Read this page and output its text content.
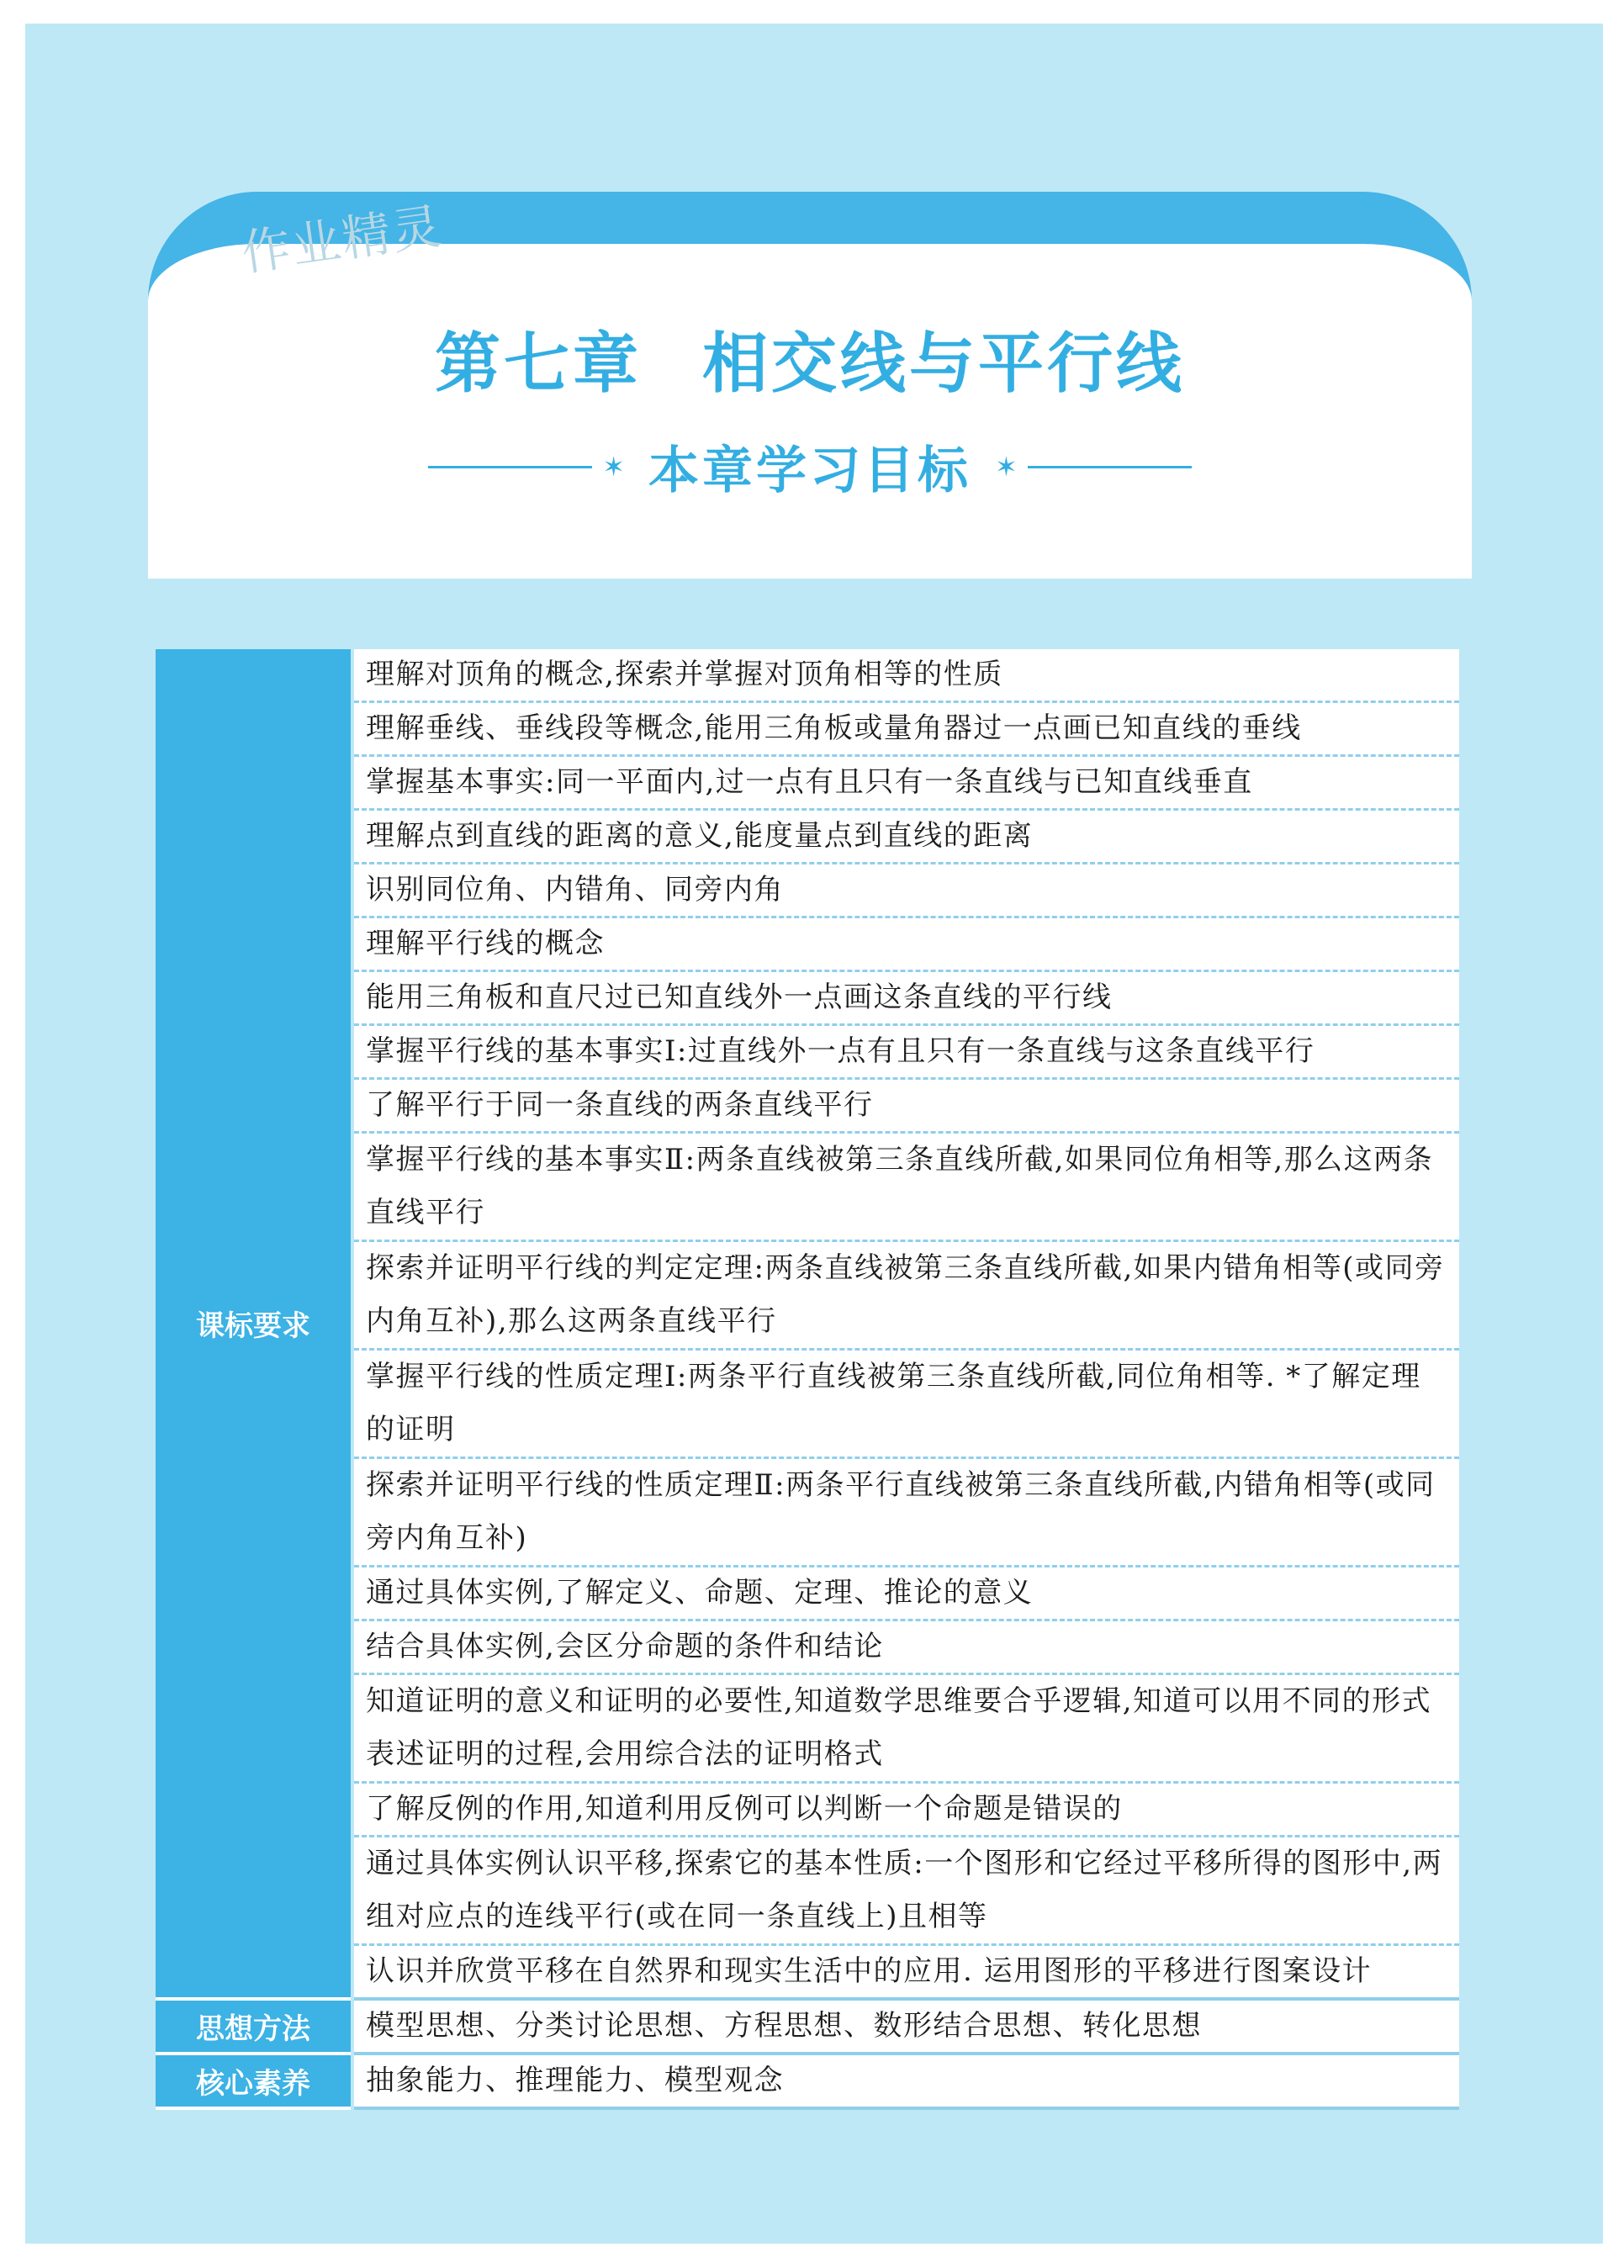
作业精灵
第七章 相交线与平行线
✶ 本章学习目标 ✶
课标要求
理解对顶角的概念,探索并掌握对顶角相等的性质
理解垂线、垂线段等概念,能用三角板或量角器过一点画已知直线的垂线
掌握基本事实:同一平面内,过一点有且只有一条直线与已知直线垂直
理解点到直线的距离的意义,能度量点到直线的距离
识别同位角、内错角、同旁内角
理解平行线的概念
能用三角板和直尺过已知直线外一点画这条直线的平行线
掌握平行线的基本事实Ⅰ:过直线外一点有且只有一条直线与这条直线平行
了解平行于同一条直线的两条直线平行
掌握平行线的基本事实Ⅱ:两条直线被第三条直线所截,如果同位角相等,那么这两条直线平行
探索并证明平行线的判定定理:两条直线被第三条直线所截,如果内错角相等(或同旁内角互补),那么这两条直线平行
掌握平行线的性质定理Ⅰ:两条平行直线被第三条直线所截,同位角相等. *了解定理的证明
探索并证明平行线的性质定理Ⅱ:两条平行直线被第三条直线所截,内错角相等(或同旁内角互补)
通过具体实例,了解定义、命题、定理、推论的意义
结合具体实例,会区分命题的条件和结论
知道证明的意义和证明的必要性,知道数学思维要合乎逻辑,知道可以用不同的形式表述证明的过程,会用综合法的证明格式
了解反例的作用,知道利用反例可以判断一个命题是错误的
通过具体实例认识平移,探索它的基本性质:一个图形和它经过平移所得的图形中,两组对应点的连线平行(或在同一条直线上)且相等
认识并欣赏平移在自然界和现实生活中的应用. 运用图形的平移进行图案设计
思想方法	模型思想、分类讨论思想、方程思想、数形结合思想、转化思想
核心素养	抽象能力、推理能力、模型观念
